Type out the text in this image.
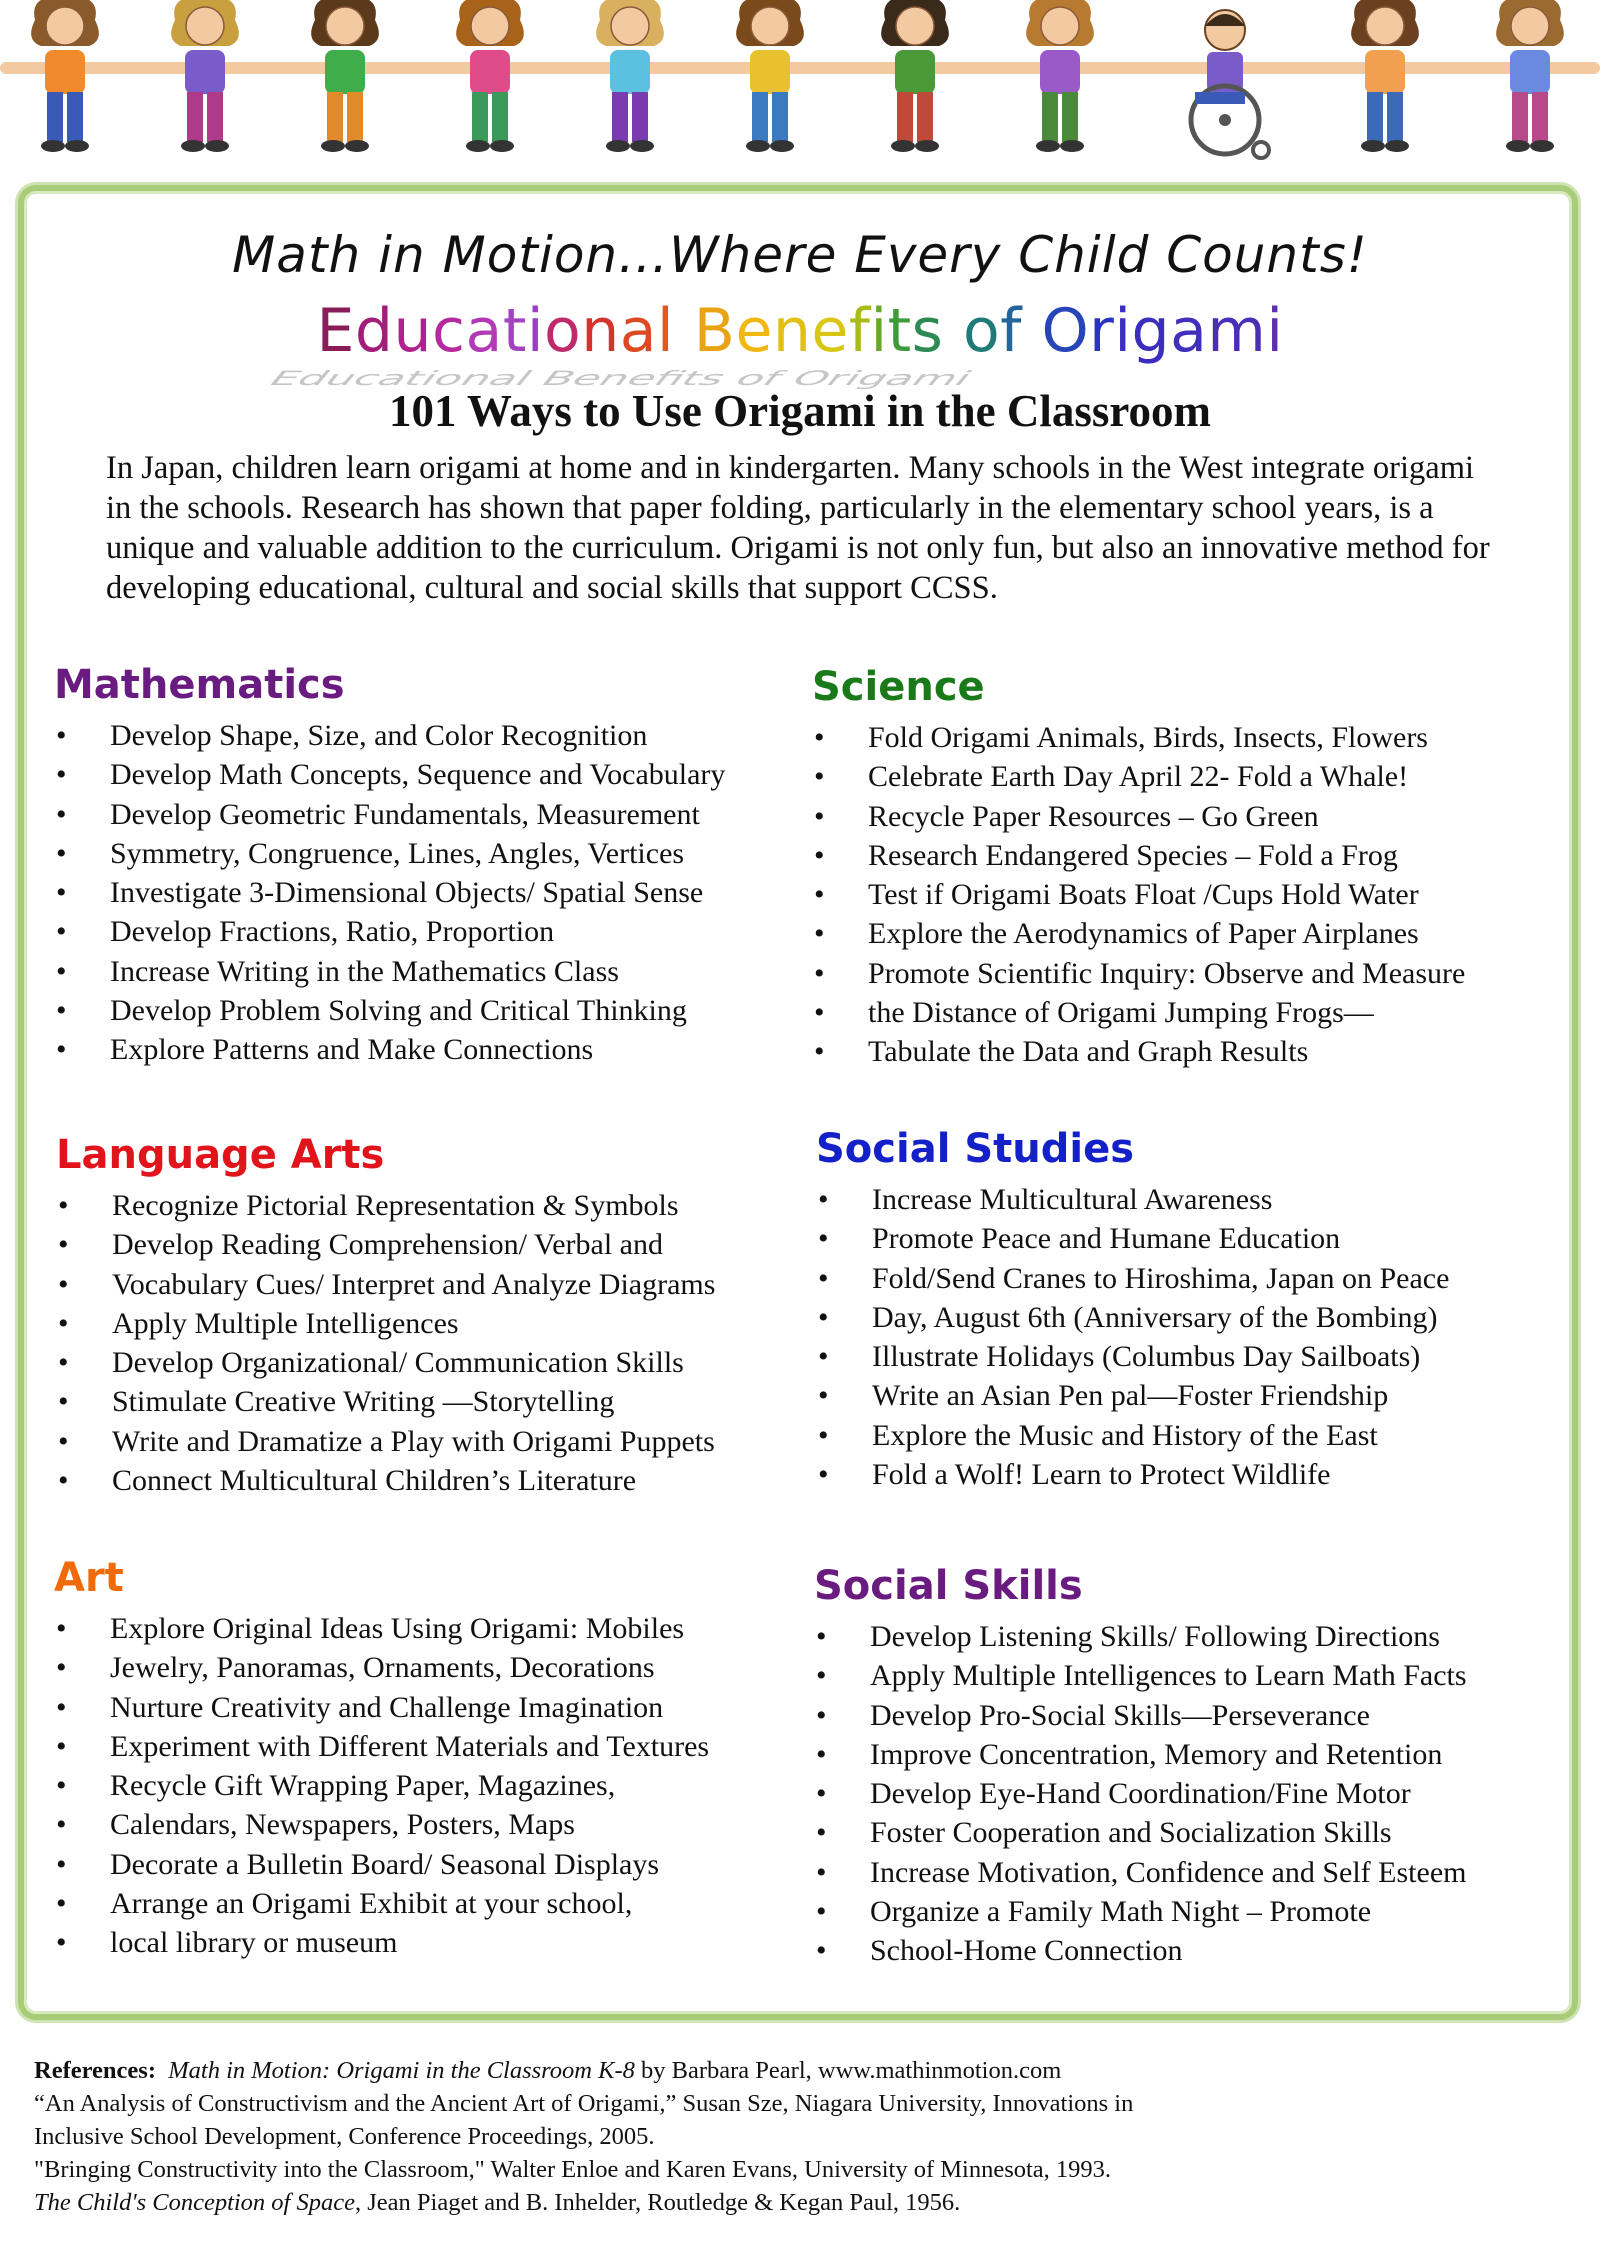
Math in Motion…Where Every Child Counts!
Educational Benefits of Origami
Educational Benefits of Origami
101 Ways to Use Origami in the Classroom

In Japan, children learn origami at home and in kindergarten. Many schools in the West integrate origami in the schools. Research has shown that paper folding, particularly in the elementary school years, is a unique and valuable addition to the curriculum. Origami is not only fun, but also an innovative method for developing educational, cultural and social skills that support CCSS.

Mathematics
• Develop Shape, Size, and Color Recognition
• Develop Math Concepts, Sequence and Vocabulary
• Develop Geometric Fundamentals, Measurement
• Symmetry, Congruence, Lines, Angles, Vertices
• Investigate 3-Dimensional Objects/ Spatial Sense
• Develop Fractions, Ratio, Proportion
• Increase Writing in the Mathematics Class
• Develop Problem Solving and Critical Thinking
• Explore Patterns and Make Connections
Science
• Fold Origami Animals, Birds, Insects, Flowers
• Celebrate Earth Day April 22- Fold a Whale!
• Recycle Paper Resources – Go Green
• Research Endangered Species – Fold a Frog
• Test if Origami Boats Float /Cups Hold Water
• Explore the Aerodynamics of Paper Airplanes
• Promote Scientific Inquiry: Observe and Measure
• the Distance of Origami Jumping Frogs—
• Tabulate the Data and Graph Results
Language Arts
• Recognize Pictorial Representation & Symbols
• Develop Reading Comprehension/ Verbal and
• Vocabulary Cues/ Interpret and Analyze Diagrams
• Apply Multiple Intelligences
• Develop Organizational/ Communication Skills
• Stimulate Creative Writing —Storytelling
• Write and Dramatize a Play with Origami Puppets
• Connect Multicultural Children’s Literature
Social Studies
• Increase Multicultural Awareness
• Promote Peace and Humane Education
• Fold/Send Cranes to Hiroshima, Japan on Peace
• Day, August 6th (Anniversary of the Bombing)
• Illustrate Holidays (Columbus Day Sailboats)
• Write an Asian Pen pal—Foster Friendship
• Explore the Music and History of the East
• Fold a Wolf! Learn to Protect Wildlife
Art
• Explore Original Ideas Using Origami: Mobiles
• Jewelry, Panoramas, Ornaments, Decorations
• Nurture Creativity and Challenge Imagination
• Experiment with Different Materials and Textures
• Recycle Gift Wrapping Paper, Magazines,
• Calendars, Newspapers, Posters, Maps
• Decorate a Bulletin Board/ Seasonal Displays
• Arrange an Origami Exhibit at your school,
• local library or museum
Social Skills
• Develop Listening Skills/ Following Directions
• Apply Multiple Intelligences to Learn Math Facts
• Develop Pro-Social Skills—Perseverance
• Improve Concentration, Memory and Retention
• Develop Eye-Hand Coordination/Fine Motor
• Foster Cooperation and Socialization Skills
• Increase Motivation, Confidence and Self Esteem
• Organize a Family Math Night – Promote
• School-Home Connection
References: Math in Motion: Origami in the Classroom K-8 by Barbara Pearl, www.mathinmotion.com
“An Analysis of Constructivism and the Ancient Art of Origami,” Susan Sze, Niagara University, Innovations in
Inclusive School Development, Conference Proceedings, 2005.
"Bringing Constructivity into the Classroom," Walter Enloe and Karen Evans, University of Minnesota, 1993.
The Child's Conception of Space, Jean Piaget and B. Inhelder, Routledge & Kegan Paul, 1956.
